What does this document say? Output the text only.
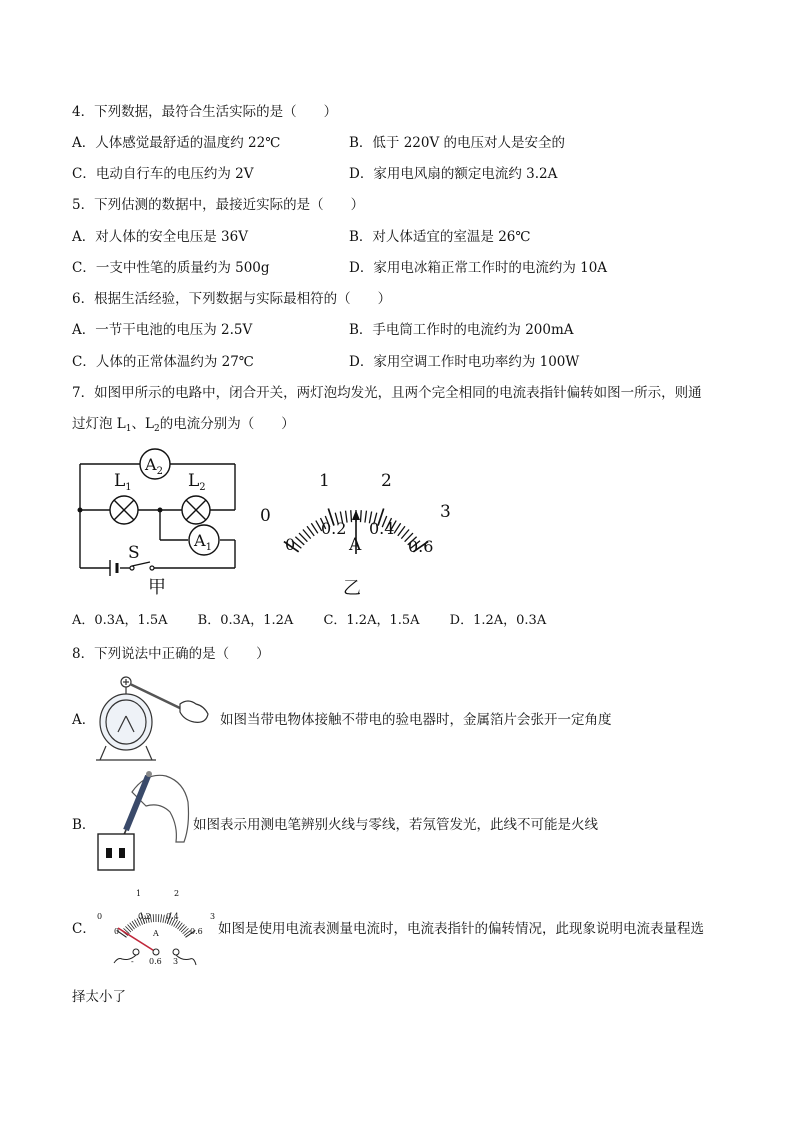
4．下列数据，最符合生活实际的是（　　）
A．人体感觉最舒适的温度约 22℃	B．低于 220V 的电压对人是安全的
C．电动自行车的电压约为 2V	D．家用电风扇的额定电流约 3.2A
5．下列估测的数据中，最接近实际的是（　　）
A．对人体的安全电压是 36V	B．对人体适宜的室温是 26℃
C．一支中性笔的质量约为 500g	D．家用电冰箱正常工作时的电流约为 10A
6．根据生活经验，下列数据与实际最相符的（　　）
A．一节干电池的电压为 2.5V	B．手电筒工作时的电流约为 200mA
C．人体的正常体温约为 27℃	D．家用空调工作时电功率约为 100W
7．如图甲所示的电路中，闭合开关，两灯泡均发光，且两个完全相同的电流表指针偏转如图一所示，则通
过灯泡 $L_1$、$L_2$的电流分别为（　　）
S
$A_2$
$L_1$	$L_2$
$A_1$
甲
0
1	2
3
0
0.2 0.4
0.6
A
乙
A．0.3A，1.5A　　 B．0.3A，1.2A　　 C．1.2A，1.5A　　 D．1.2A，0.3A
8．下列说法中正确的是（　　）
A．	如图当带电物体接触不带电的验电器时，金属箔片会张开一定角度
B．	如图表示用测电笔辨别火线与零线，若氖管发光，此线不可能是火线
C．
0
1	2
3
0
0.2 0.4
0.6
A
- 0.6 3
如图是使用电流表测量电流时，电流表指针的偏转情况，此现象说明电流表量程选
择太小了
